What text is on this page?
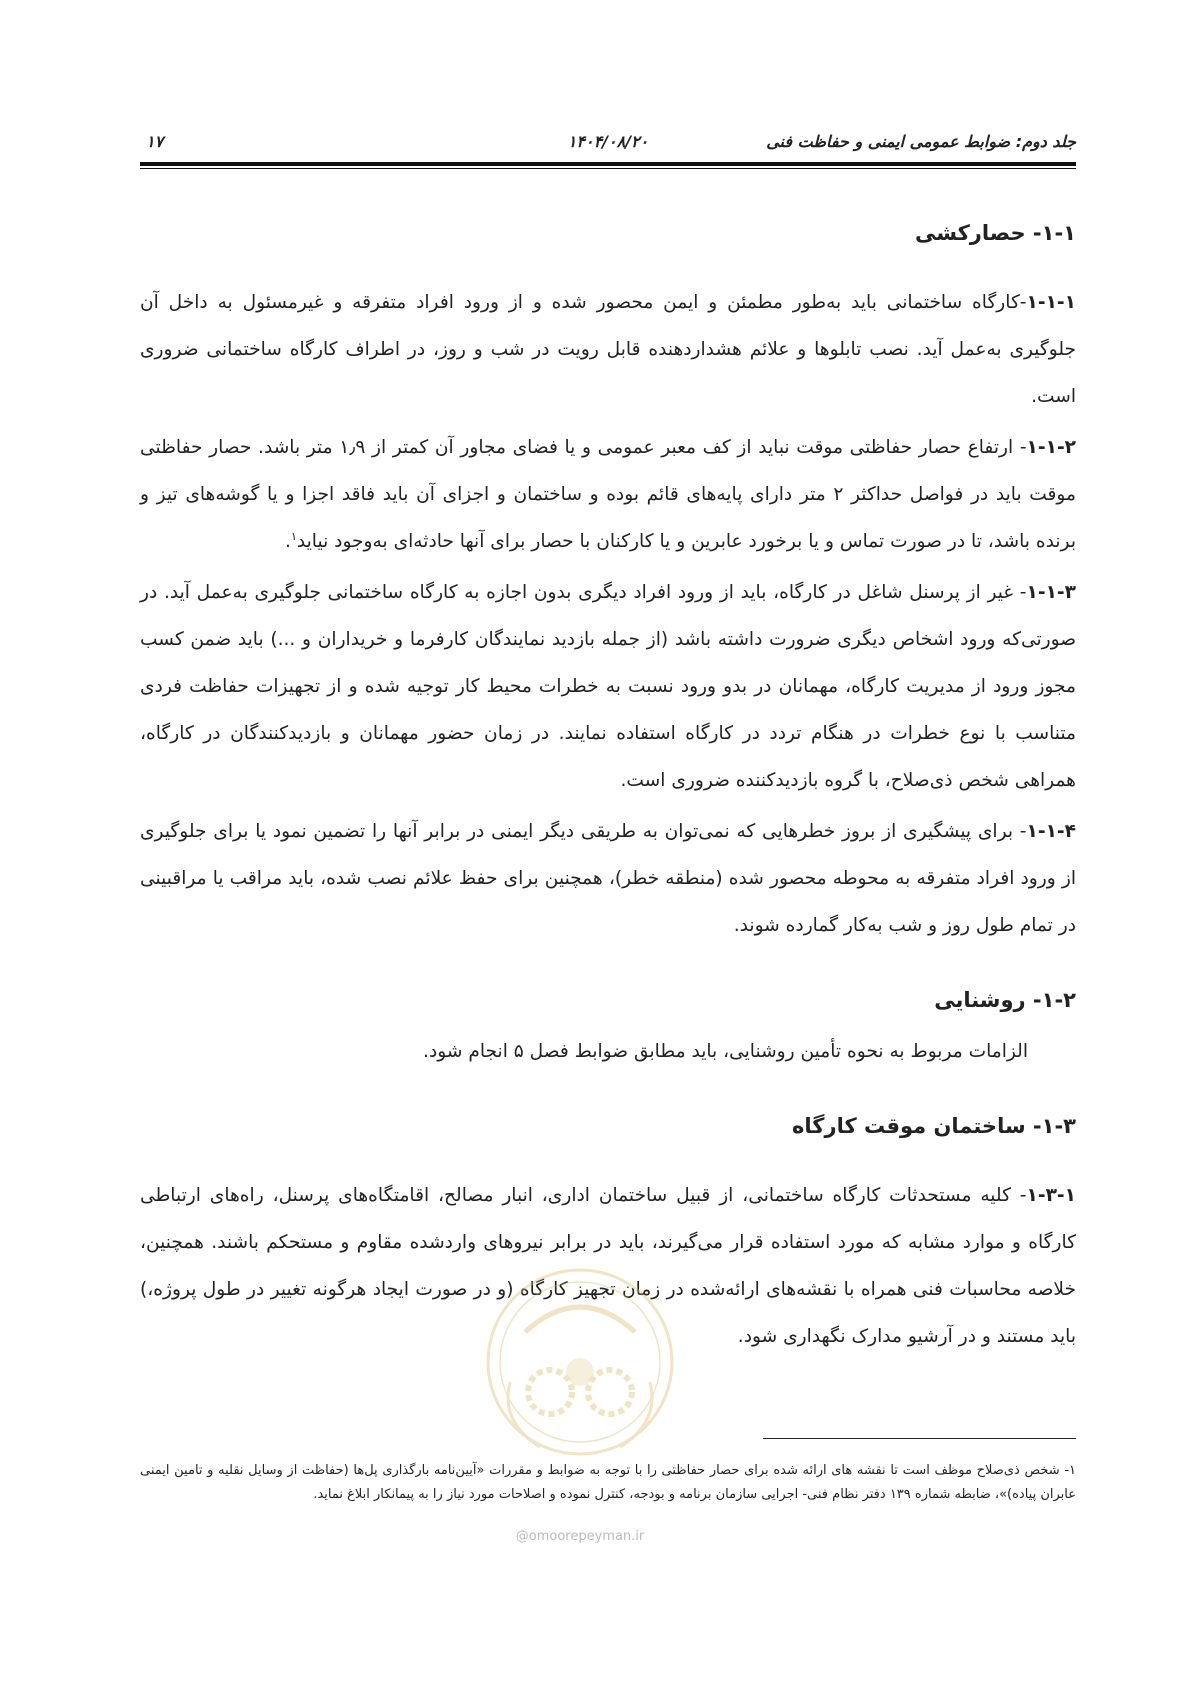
جلد دوم: ضوابط عمومی ایمنی و حفاظت فنی
۱۴۰۴/۰۸/۲۰
۱۷
۱-۱- حصارکشی

۱-۱-۱-کارگاه ساختمانی باید به‌طور مطمئن و ایمن محصور شده و از ورود افراد متفرقه و غیرمسئول به داخل آن جلوگیری به‌عمل آید. نصب تابلوها و علائم هشداردهنده قابل رویت در شب و روز، در اطراف کارگاه ساختمانی ضروری است.

۱-۱-۲- ارتفاع حصار حفاظتی موقت نباید از کف معبر عمومی و یا فضای مجاور آن کمتر از ۱٫۹ متر باشد. حصار حفاظتی موقت باید در فواصل حداکثر ۲ متر دارای پایه‌های قائم بوده و ساختمان و اجزای آن باید فاقد اجزا و یا گوشه‌های تیز و برنده باشد، تا در صورت تماس و یا برخورد عابرین و یا کارکنان با حصار برای آنها حادثه‌ای به‌وجود نیاید$^۱$.

۱-۱-۳- غیر از پرسنل شاغل در کارگاه، باید از ورود افراد دیگری بدون اجازه به کارگاه ساختمانی جلوگیری به‌عمل آید. در صورتی‌که ورود اشخاص دیگری ضرورت داشته باشد (از جمله بازدید نمایندگان کارفرما و خریداران و ...) باید ضمن کسب مجوز ورود از مدیریت کارگاه، مهمانان در بدو ورود نسبت به خطرات محیط کار توجیه شده و از تجهیزات حفاظت فردی متناسب با نوع خطرات در هنگام تردد در کارگاه استفاده نمایند. در زمان حضور مهمانان و بازدیدکنندگان در کارگاه، همراهی شخص ذی‌صلاح، با گروه بازدیدکننده ضروری است.

۱-۱-۴- برای پیشگیری از بروز خطرهایی که نمی‌توان به طریقی دیگر ایمنی در برابر آنها را تضمین نمود یا برای جلوگیری از ورود افراد متفرقه به محوطه محصور شده (منطقه خطر)، همچنین برای حفظ علائم نصب شده، باید مراقب یا مراقبینی در تمام طول روز و شب به‌کار گمارده شوند.

۱-۲- روشنایی

الزامات مربوط به نحوه تأمین روشنایی، باید مطابق ضوابط فصل ۵ انجام شود.

۱-۳- ساختمان موقت کارگاه

۱-۳-۱- کلیه مستحدثات کارگاه ساختمانی، از قبیل ساختمان اداری، انبار مصالح، اقامتگاه‌های پرسنل، راه‌های ارتباطی کارگاه و موارد مشابه که مورد استفاده قرار می‌گیرند، باید در برابر نیروهای واردشده مقاوم و مستحکم باشند. همچنین، خلاصه محاسبات فنی همراه با نقشه‌های ارائه‌شده در زمان تجهیز کارگاه (و در صورت ایجاد هرگونه تغییر در طول پروژه،) باید مستند و در آرشیو مدارک نگهداری شود.

۱- شخص ذی‌صلاح موظف است تا نقشه های ارائه شده برای حصار حفاظتی را با توجه به ضوابط و مقررات «آیین‌نامه بارگذاری پل‌ها (حفاظت از وسایل نقلیه و تامین ایمنی عابران پیاده)»، ضابطه شماره ۱۳۹ دفتر نظام فنی- اجرایی سازمان برنامه و بودجه، کنترل نموده و اصلاحات مورد نیاز را به پیمانکار ابلاغ نماید.

@omoorepeyman.ir
